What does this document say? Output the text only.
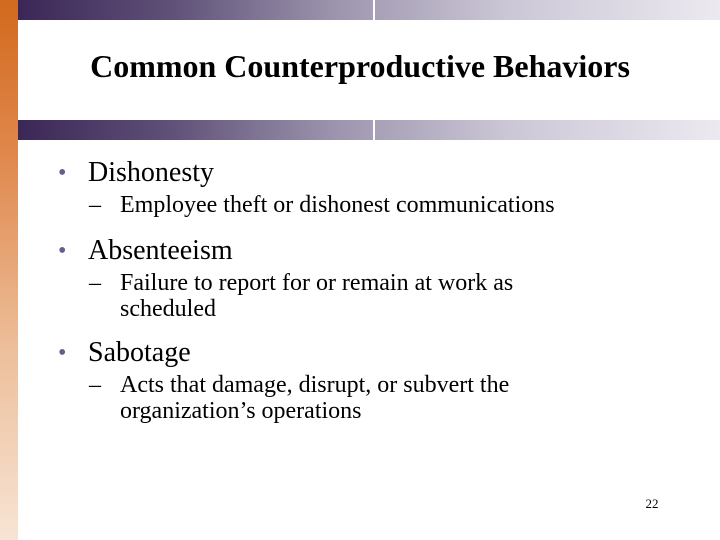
Common Counterproductive Behaviors
• Dishonesty
– Employee theft or dishonest communications
• Absenteeism
– Failure to report for or remain at work as
scheduled
• Sabotage
– Acts that damage, disrupt, or subvert the
organization’s operations
22
